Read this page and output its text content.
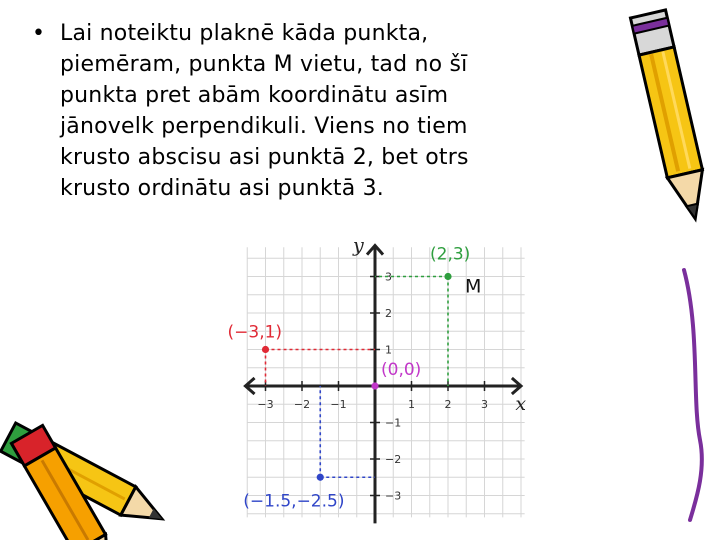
• Lai noteiktu plaknē kāda punkta,
piemēram, punkta M vietu, tad no šī
punkta pret abām koordinātu asīm
jānovelk perpendikuli. Viens no tiem
krusto abscisu asi punktā 2, bet otrs
krusto ordinātu asi punktā 3.
x
y
−3 −2 −1	1	2	3
3
2
1
−1
−2
−3
(2,3)
M
(−3,1)
(0,0)
(−1.5,−2.5)
